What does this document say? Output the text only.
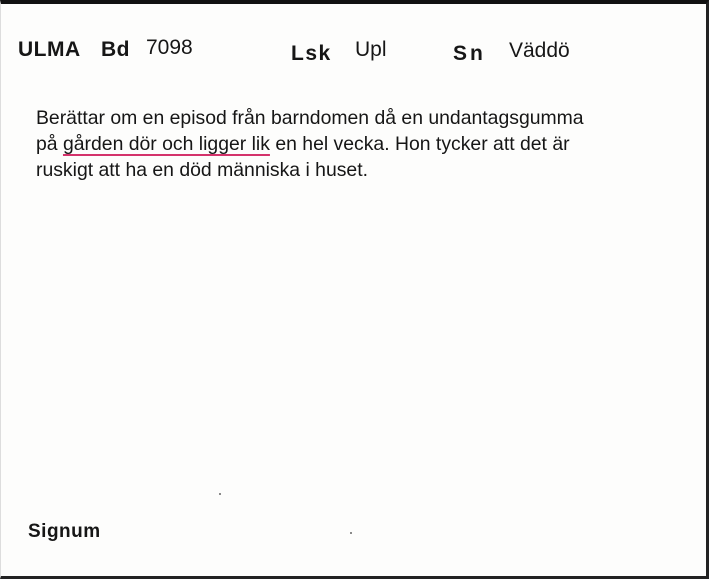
ULMA Bd 7098	Lsk Upl	Sn Väddö
Berättar om en episod från barndomen då en undantagsgumma
på gården dör och ligger lik en hel vecka. Hon tycker att det är
ruskigt att ha en död människa i huset.
Signum
